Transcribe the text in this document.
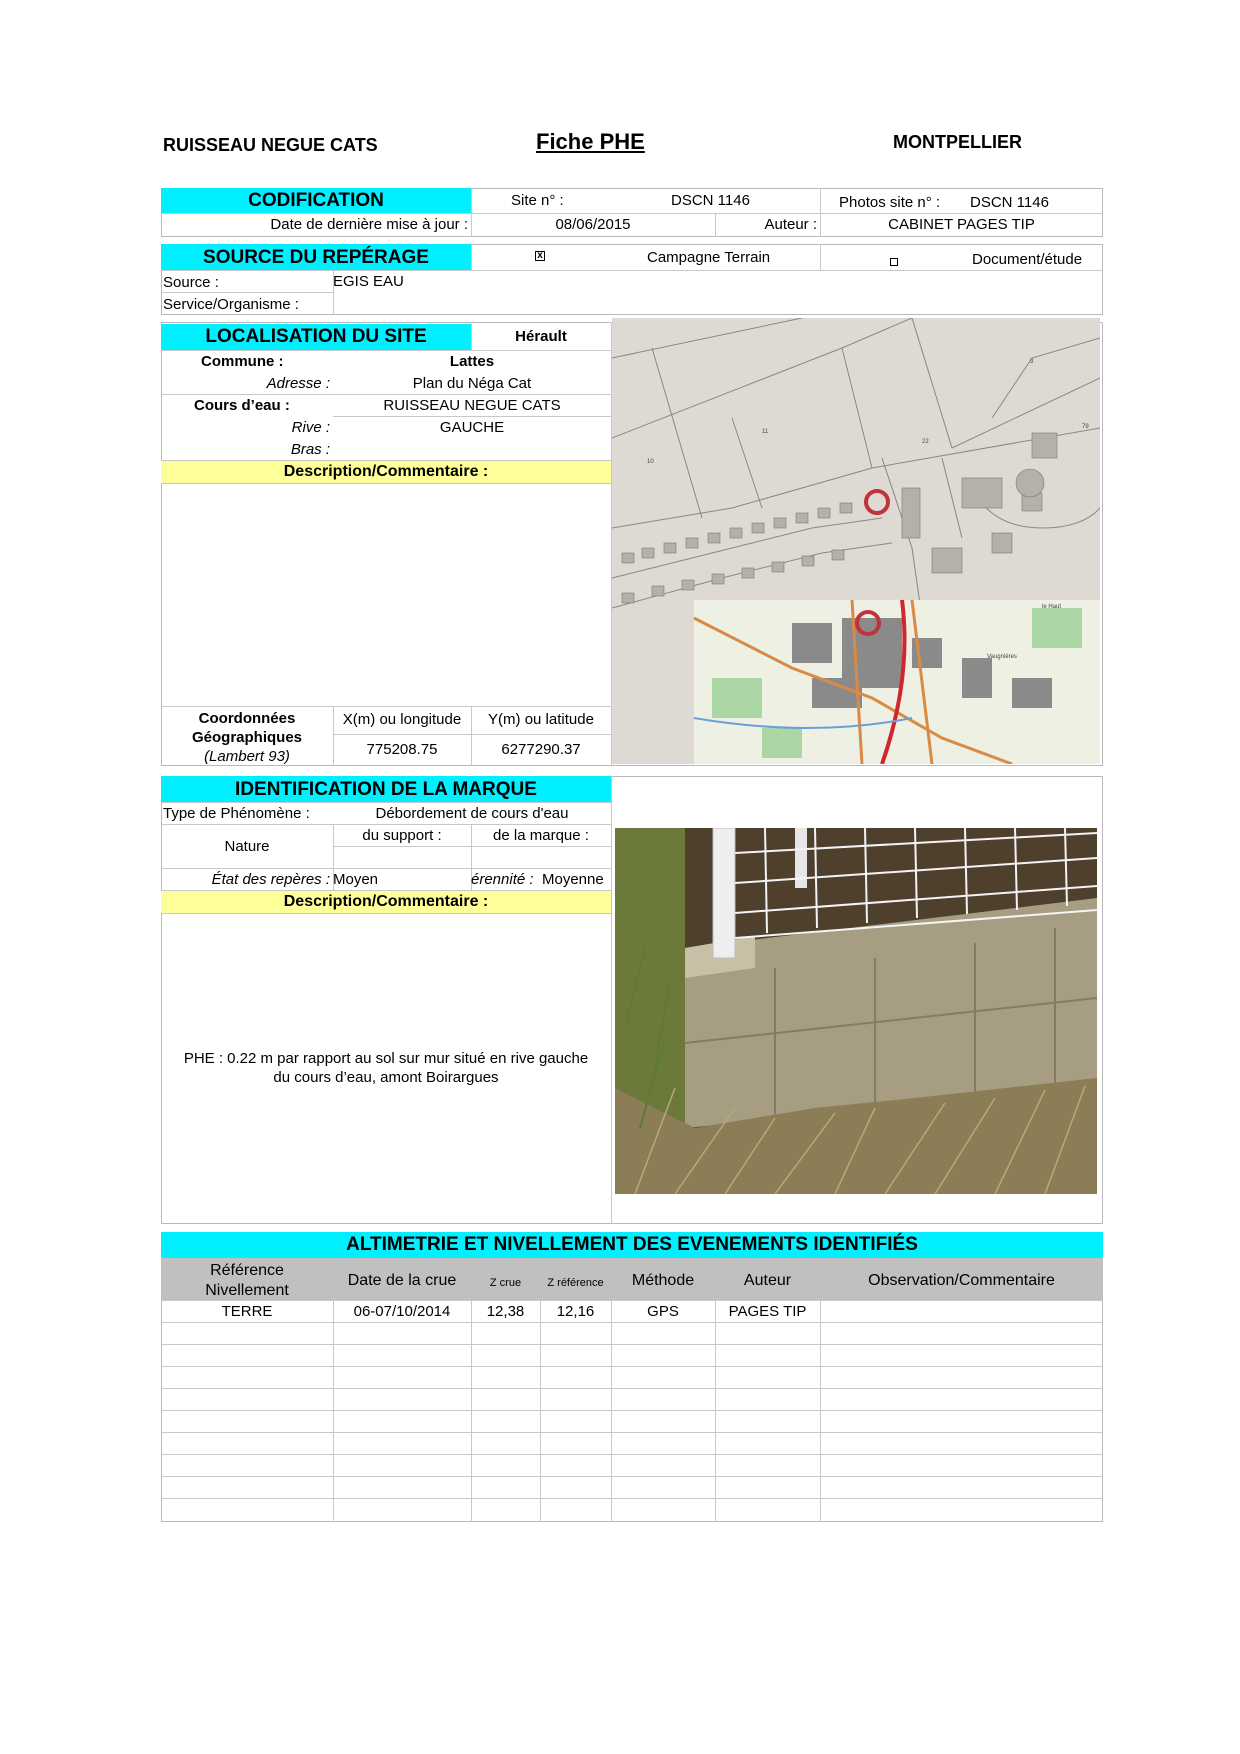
RUISSEAU NEGUE CATS	Fiche PHE	MONTPELLIER
CODIFICATION	Site n° :	DSCN 1146	Photos site n° : DSCN 1146
Date de dernière mise à jour :	08/06/2015	Auteur :	CABINET PAGES TIP
SOURCE DU REPÉRAGE	x	Campagne Terrain	Document/étude
Source :	EGIS EAU
Service/Organisme :
LOCALISATION DU SITE	Hérault
Commune :	Lattes
Adresse :	Plan du Néga Cat
Cours d’eau :	RUISSEAU NEGUE CATS
Rive :	GAUCHE
Bras :
Description/Commentaire :
Coordonnées
Géographiques
(Lambert 93)
X(m) ou longitude	Y(m) ou latitude
775208.75	6277290.37
3
11
22
10
79
le Haut
Vaugnières
IDENTIFICATION DE LA MARQUE
Type de Phénomène :	Débordement de cours d'eau
Nature
du support :	de la marque :
État des repères : Moyen	érennité : Moyenne
Description/Commentaire :
PHE : 0.22 m par rapport au sol sur mur situé en rive gauche
du cours d’eau, amont Boirargues
ALTIMETRIE ET NIVELLEMENT DES EVENEMENTS IDENTIFIÉS
Référence
Nivellement
Date de la crue	Z crue	Z référence	Méthode	Auteur	Observation/Commentaire
TERRE	06-07/10/2014	12,38	12,16	GPS	PAGES TIP
